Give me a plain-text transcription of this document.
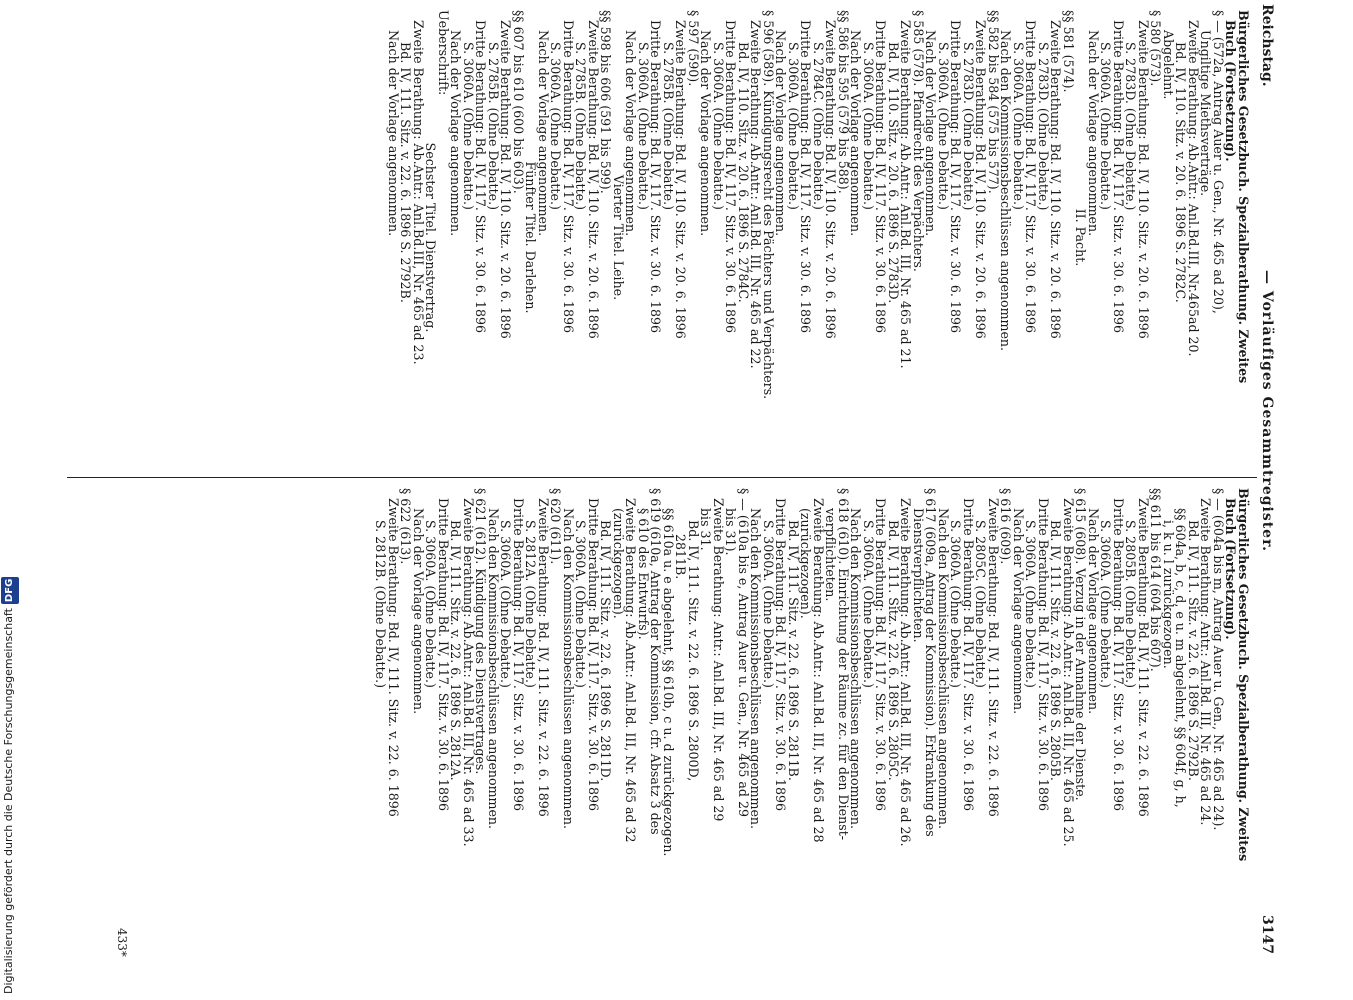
Reichstag.
— Vorläufiges Gesammtregister.
3147
Bürgerliches Gesetzbuch. Spezialberathung. Zweites
Buch (Fortsetzung).
§ — (572a, Antrag Auer u. Gen., Nr. 465 ad 20),
Ungiltige Miethsverträge.
Zweite Berathung: Ab.Antr.: Anl.Bd.III, Nr.465ad 20.
Bd. IV, 110. Sitz. v. 20. 6. 1896 S. 2782C.
Abgelehnt.
§ 580 (573).
Zweite Berathung: Bd. IV, 110. Sitz. v. 20. 6. 1896
S. 2783D. (Ohne Debatte.)
Dritte Berathung: Bd. IV, 117. Sitz. v. 30. 6. 1896
S. 3060A. (Ohne Debatte.)
Nach der Vorlage angenommen.
II. Pacht.
§§ 581 (574).
Zweite Berathung: Bd. IV, 110. Sitz. v. 20. 6. 1896
S. 2783D. (Ohne Debatte.)
Dritte Berathung: Bd. IV, 117. Sitz. v. 30. 6. 1896
S. 3060A. (Ohne Debatte.)
Nach den Kommissionsbeschlüssen angenommen.
§§ 582 bis 584 (575 bis 577).
Zweite Berathung: Bd. IV, 110. Sitz. v. 20. 6. 1896
S. 2783D. (Ohne Debatte.)
Dritte Berathung: Bd. IV, 117. Sitz. v. 30. 6. 1896
S. 3060A. (Ohne Debatte.)
Nach der Vorlage angenommen.
§ 585 (578). Pfandrecht des Verpächters.
Zweite Berathung: Ab.Antr.: Anl.Bd. III, Nr. 465 ad 21.
Bd. IV, 110. Sitz. v. 20. 6. 1896 S. 2783D.
Dritte Berathung: Bd. IV, 117. Sitz. v. 30. 6. 1896
S. 3060A. (Ohne Debatte.)
Nach der Vorlage angenommen.
§§ 586 bis 595 (579 bis 588).
Zweite Berathung: Bd. IV, 110. Sitz. v. 20. 6. 1896
S. 2784C. (Ohne Debatte.)
Dritte Berathung: Bd. IV, 117. Sitz. v. 30. 6. 1896
S. 3060A. (Ohne Debatte.)
Nach der Vorlage angenommen.
§ 596 (589). Kündigungsrecht des Pächters und Verpächters.
Zweite Berathung: Ab.Antr.: Anl.Bd. III, Nr. 465 ad 22.
Bd. IV, 110. Sitz. v. 20. 6. 1896 S. 2784C.
Dritte Berathung: Bd. IV, 117. Sitz. v. 30. 6. 1896
S. 3060A. (Ohne Debatte.)
Nach der Vorlage angenommen.
§ 597 (590).
Zweite Berathung: Bd. IV, 110. Sitz. v. 20. 6. 1896
S. 2785B. (Ohne Debatte.)
Dritte Berathung: Bd. IV, 117. Sitz. v. 30. 6. 1896
S. 3060A. (Ohne Debatte.)
Nach der Vorlage angenommen.
Vierter Titel. Leihe.
§§ 598 bis 606 (591 bis 599).
Zweite Berathung: Bd. IV, 110. Sitz. v. 20. 6. 1896
S. 2785B. (Ohne Debatte.)
Dritte Berathung: Bd. IV, 117. Sitz. v. 30. 6. 1896
S. 3060A. (Ohne Debatte.)
Nach der Vorlage angenommen.
Fünfter Titel. Darlehen.
§§ 607 bis 610 (600 bis 603).
Zweite Berathung: Bd. IV, 110. Sitz. v. 20. 6. 1896
S. 2785B. (Ohne Debatte.)
Dritte Berathung: Bd. IV, 117. Sitz. v. 30. 6. 1896
S. 3060A. (Ohne Debatte.)
Nach der Vorlage angenommen.
Ueberschrift:
Sechster Titel. Dienstvertrag.
Zweite Berathung: Ab.Antr.: Anl.Bd.III, Nr. 465 ad 23.
Bd. IV, 111. Sitz. v. 22. 6. 1896 S. 2792B.
Nach der Vorlage angenommen.
Bürgerliches Gesetzbuch. Spezialberathung. Zweites
Buch (Fortsetzung).
§ — (604a bis m, Antrag Auer u. Gen., Nr. 465 ad 24).
Zweite Berathung: Antr.: Anl.Bd. III, Nr. 465 ad 24.
Bd. IV, 111. Sitz. v. 22. 6. 1896 S. 2792B.
§§ 604a, b, c, d, e u. m abgelehnt, §§ 604f, g, h,
i, k u. l zurückgezogen.
§§ 611 bis 614 (604 bis 607).
Zweite Berathung: Bd. IV, 111. Sitz. v. 22. 6. 1896
S. 2805B. (Ohne Debatte.)
Dritte Berathung: Bd. IV, 117. Sitz. v. 30. 6. 1896
S. 3060A. (Ohne Debatte.)
Nach der Vorlage angenommen.
§ 615 (608). Verzug in der Annahme der Dienste.
Zweite Berathung: Ab.Antr.: Anl.Bd. III, Nr. 465 ad 25.
Bd. IV, 111. Sitz. v. 22. 6. 1896 S. 2805B.
Dritte Berathung: Bd. IV, 117. Sitz. v. 30. 6. 1896
S. 3060A. (Ohne Debatte.)
Nach der Vorlage angenommen.
§ 616 (609).
Zweite Berathung: Bd. IV, 111. Sitz. v. 22. 6. 1896
S. 2805C. (Ohne Debatte.)
Dritte Berathung: Bd. IV, 117. Sitz. v. 30. 6. 1896
S. 3060A. (Ohne Debatte.)
Nach den Kommissionsbeschlüssen angenommen.
§ 617 (609a, Antrag der Kommission). Erkrankung des
Dienstverpflichteten.
Zweite Berathung: Ab.Antr.: Anl.Bd. III, Nr. 465 ad 26.
Bd. IV, 111. Sitz. v. 22. 6. 1896 S. 2805C.
Dritte Berathung: Bd. IV, 117. Sitz. v. 30. 6. 1896
S. 3060A. (Ohne Debatte.)
Nach den Kommissionsbeschlüssen angenommen.
§ 618 (610). Einrichtung der Räume zc. für den Dienst-
verpflichteten.
Zweite Berathung: Ab.Antr.: Anl.Bd. III, Nr. 465 ad 28
(zurückgezogen).
Bd. IV, 111. Sitz. v. 22. 6. 1896 S. 2811B.
Dritte Berathung: Bd. IV, 117. Sitz. v. 30. 6. 1896
S. 3060A. (Ohne Debatte.)
Nach den Kommissionsbeschlüssen angenommen.
§ — (610a bis e, Antrag Auer u. Gen., Nr. 465 ad 29
bis 31).
Zweite Berathung: Antr.: Anl.Bd. III, Nr. 465 ad 29
bis 31.
Bd. IV, 111. Sitz. v. 22. 6. 1896 S. 2800D,
2811B.
§§ 610a u. e abgelehnt, §§ 610b, c u. d zurückgezogen.
§ 619 (610a, Antrag der Kommission, cfr. Absatz 3 des
§ 610 des Entwurfs).
Zweite Berathung: Ab.Antr.: Anl.Bd. III, Nr. 465 ad 32
(zurückgezogen).
Bd. IV, 111. Sitz. v. 22. 6. 1896 S. 2811D.
Dritte Berathung: Bd. IV, 117. Sitz. v. 30. 6. 1896
S. 3060A. (Ohne Debatte.)
Nach den Kommissionsbeschlüssen angenommen.
§ 620 (611).
Zweite Berathung: Bd. IV, 111. Sitz. v. 22. 6. 1896
S. 2812A. (Ohne Debatte.)
Dritte Berathung: Bd. IV, 117. Sitz. v. 30. 6. 1896
S. 3060A. (Ohne Debatte.)
Nach den Kommissionsbeschlüssen angenommen.
§ 621 (612). Kündigung des Dienstvertrages.
Zweite Berathung: Ab.Antr.: Anl.Bd. III, Nr. 465 ad 33.
Bd. IV, 111. Sitz. v. 22. 6. 1896 S. 2812A.
Dritte Berathung: Bd. IV, 117. Sitz. v. 30. 6. 1896
S. 3060A. (Ohne Debatte.)
Nach der Vorlage angenommen.
§ 622 (613).
Zweite Berathung: Bd. IV, 111. Sitz. v. 22. 6. 1896
S. 2812B. (Ohne Debatte.)
433*
Digitalisierung gefördert durch die Deutsche ForschungsgemeinschaftDFG
